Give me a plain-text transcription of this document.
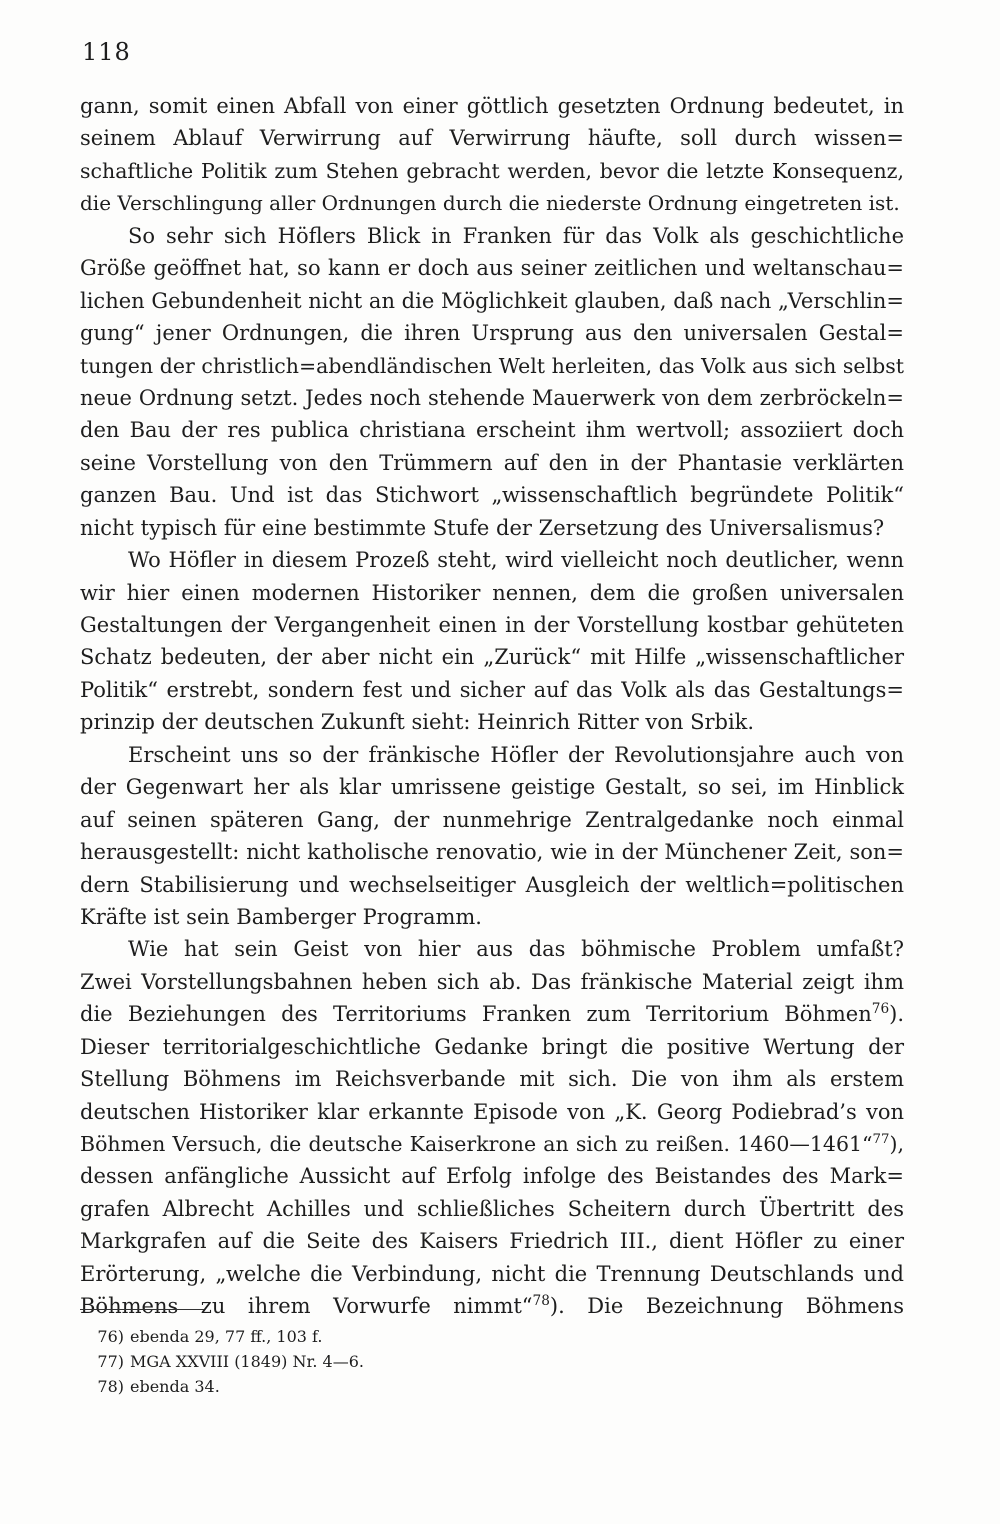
118
gann, somit einen Abfall von einer göttlich gesetzten Ordnung bedeutet, in
seinem Ablauf Verwirrung auf Verwirrung häufte, soll durch wissen=
schaftliche Politik zum Stehen gebracht werden, bevor die letzte Konsequenz,
die Verschlingung aller Ordnungen durch die niederste Ordnung eingetreten ist.
So sehr sich Höflers Blick in Franken für das Volk als geschichtliche
Größe geöffnet hat, so kann er doch aus seiner zeitlichen und weltanschau=
lichen Gebundenheit nicht an die Möglichkeit glauben, daß nach „Verschlin=
gung“ jener Ordnungen, die ihren Ursprung aus den universalen Gestal=
tungen der christlich=abendländischen Welt herleiten, das Volk aus sich selbst
neue Ordnung setzt. Jedes noch stehende Mauerwerk von dem zerbröckeln=
den Bau der res publica christiana erscheint ihm wertvoll; assoziiert doch
seine Vorstellung von den Trümmern auf den in der Phantasie verklärten
ganzen Bau. Und ist das Stichwort „wissenschaftlich begründete Politik“
nicht typisch für eine bestimmte Stufe der Zersetzung des Universalismus?
Wo Höfler in diesem Prozeß steht, wird vielleicht noch deutlicher, wenn
wir hier einen modernen Historiker nennen, dem die großen universalen
Gestaltungen der Vergangenheit einen in der Vorstellung kostbar gehüteten
Schatz bedeuten, der aber nicht ein „Zurück“ mit Hilfe „wissenschaftlicher
Politik“ erstrebt, sondern fest und sicher auf das Volk als das Gestaltungs=
prinzip der deutschen Zukunft sieht: Heinrich Ritter von Srbik.
Erscheint uns so der fränkische Höfler der Revolutionsjahre auch von
der Gegenwart her als klar umrissene geistige Gestalt, so sei, im Hinblick
auf seinen späteren Gang, der nunmehrige Zentralgedanke noch einmal
herausgestellt: nicht katholische renovatio, wie in der Münchener Zeit, son=
dern Stabilisierung und wechselseitiger Ausgleich der weltlich=politischen
Kräfte ist sein Bamberger Programm.
Wie hat sein Geist von hier aus das böhmische Problem umfaßt?
Zwei Vorstellungsbahnen heben sich ab. Das fränkische Material zeigt ihm
die Beziehungen des Territoriums Franken zum Territorium Böhmen$^{76}$).
Dieser territorialgeschichtliche Gedanke bringt die positive Wertung der
Stellung Böhmens im Reichsverbande mit sich. Die von ihm als erstem
deutschen Historiker klar erkannte Episode von „K. Georg Podiebrad’s von
Böhmen Versuch, die deutsche Kaiserkrone an sich zu reißen. 1460—1461“$^{77}$),
dessen anfängliche Aussicht auf Erfolg infolge des Beistandes des Mark=
grafen Albrecht Achilles und schließliches Scheitern durch Übertritt des
Markgrafen auf die Seite des Kaisers Friedrich III., dient Höfler zu einer
Erörterung, „welche die Verbindung, nicht die Trennung Deutschlands und
Böhmens zu ihrem Vorwurfe nimmt“$^{78}$). Die Bezeichnung Böhmens
76) ebenda 29, 77 ff., 103 f.
77) MGA XXVIII (1849) Nr. 4—6.
78) ebenda 34.
